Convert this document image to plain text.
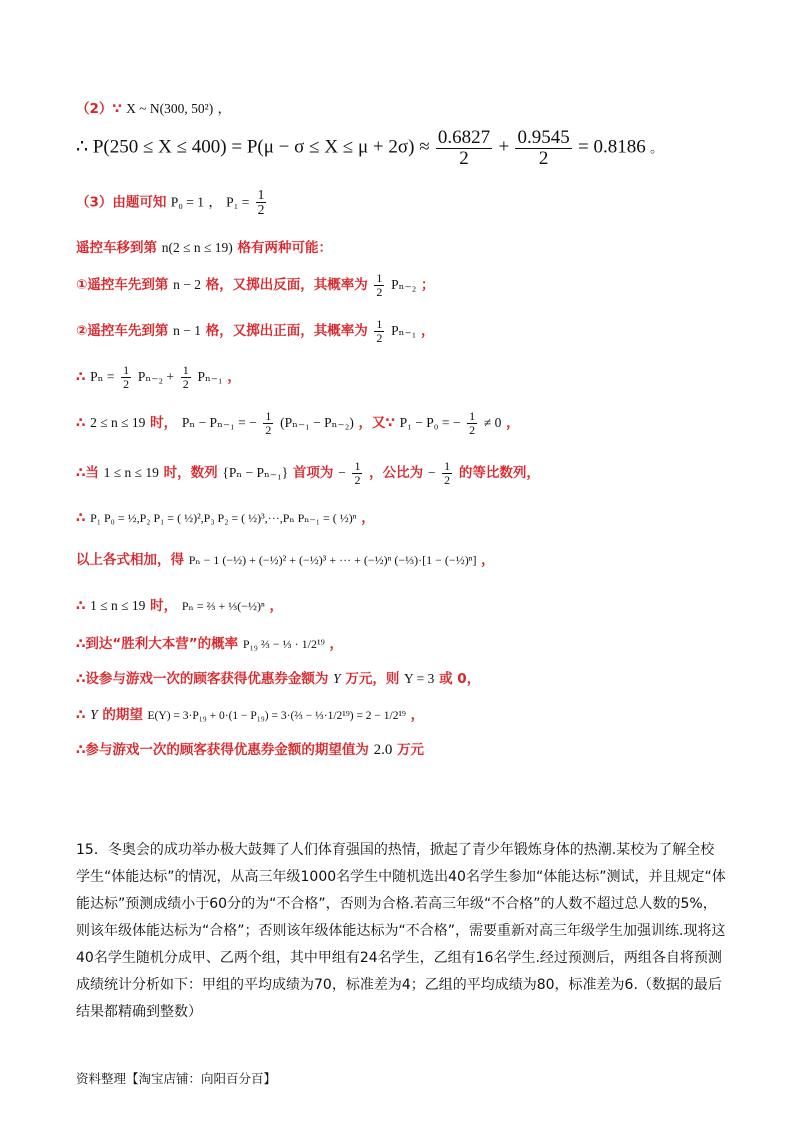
（2）∵ X ~ N(300, 50²) ，
∴ $P(250 \le X \le 400) = P(\mu - \sigma \le X \le \mu + 2\sigma) \approx \frac{0.6827}{2} + \frac{0.9545}{2} = 0.8186$ 。
（3）由题可知 P₀ = 1 ， $P_1 = \frac{1}{2}$
遥控车移到第 n(2 ≤ n ≤ 19) 格有两种可能：
①遥控车先到第 n − 2 格，又掷出反面，其概率为 $\frac{1}{2} P_{n-2}$ ；
②遥控车先到第 n − 1 格，又掷出正面，其概率为 $\frac{1}{2} P_{n-1}$ ，
∴ $P_n = \frac{1}{2} P_{n-2} + \frac{1}{2} P_{n-1}$ ，
∴ 2 ≤ n ≤ 19 时， Pₙ − Pₙ₋₁ = − $\frac{1}{2} (P_{n-1} - P_{n-2})$ ，又∵ P₁ − P₀ = − $\frac{1}{2} \ne 0$ ，
∴当 1 ≤ n ≤ 19 时，数列 {Pₙ − Pₙ₋₁} 首项为 − $\frac{1}{2}$ ，公比为 − $\frac{1}{2}$ 的等比数列，
∴ P₁ P₀ = ½,P₂ P₁ = ( ½)²,P₃ P₂ = ( ½)³,···,Pₙ Pₙ₋₁ = ( ½)ⁿ ，
以上各式相加，得 Pₙ − 1 (−½) + (−½)² + (−½)³ + ··· + (−½)ⁿ (−⅓)·[1 − (−½)ⁿ] ，
∴ 1 ≤ n ≤ 19 时， Pₙ = ⅔ + ⅓(−½)ⁿ ，
∴到达“胜利大本营”的概率 P₁₉ ⅔ − ⅓ · 1/2¹⁹ ，
∴设参与游戏一次的顾客获得优惠券金额为 Y 万元，则 Y = 3 或 0，
∴ Y 的期望 E(Y) = 3·P₁₉ + 0·(1 − P₁₉) = 3·(⅔ − ⅓·1/2¹⁹) = 2 − 1/2¹⁹ ，
∴参与游戏一次的顾客获得优惠券金额的期望值为 2.0 万元
15．冬奥会的成功举办极大鼓舞了人们体育强国的热情，掀起了青少年锻炼身体的热潮.某校为了解全校学生“体能达标”的情况，从高三年级1000名学生中随机选出40名学生参加“体能达标”测试，并且规定“体能达标”预测成绩小于60分的为“不合格”，否则为合格.若高三年级“不合格”的人数不超过总人数的5%，则该年级体能达标为“合格”；否则该年级体能达标为“不合格”，需要重新对高三年级学生加强训练.现将这40名学生随机分成甲、乙两个组，其中甲组有24名学生，乙组有16名学生.经过预测后，两组各自将预测成绩统计分析如下：甲组的平均成绩为70，标准差为4；乙组的平均成绩为80，标准差为6.（数据的最后结果都精确到整数）
资料整理【淘宝店铺：向阳百分百】
